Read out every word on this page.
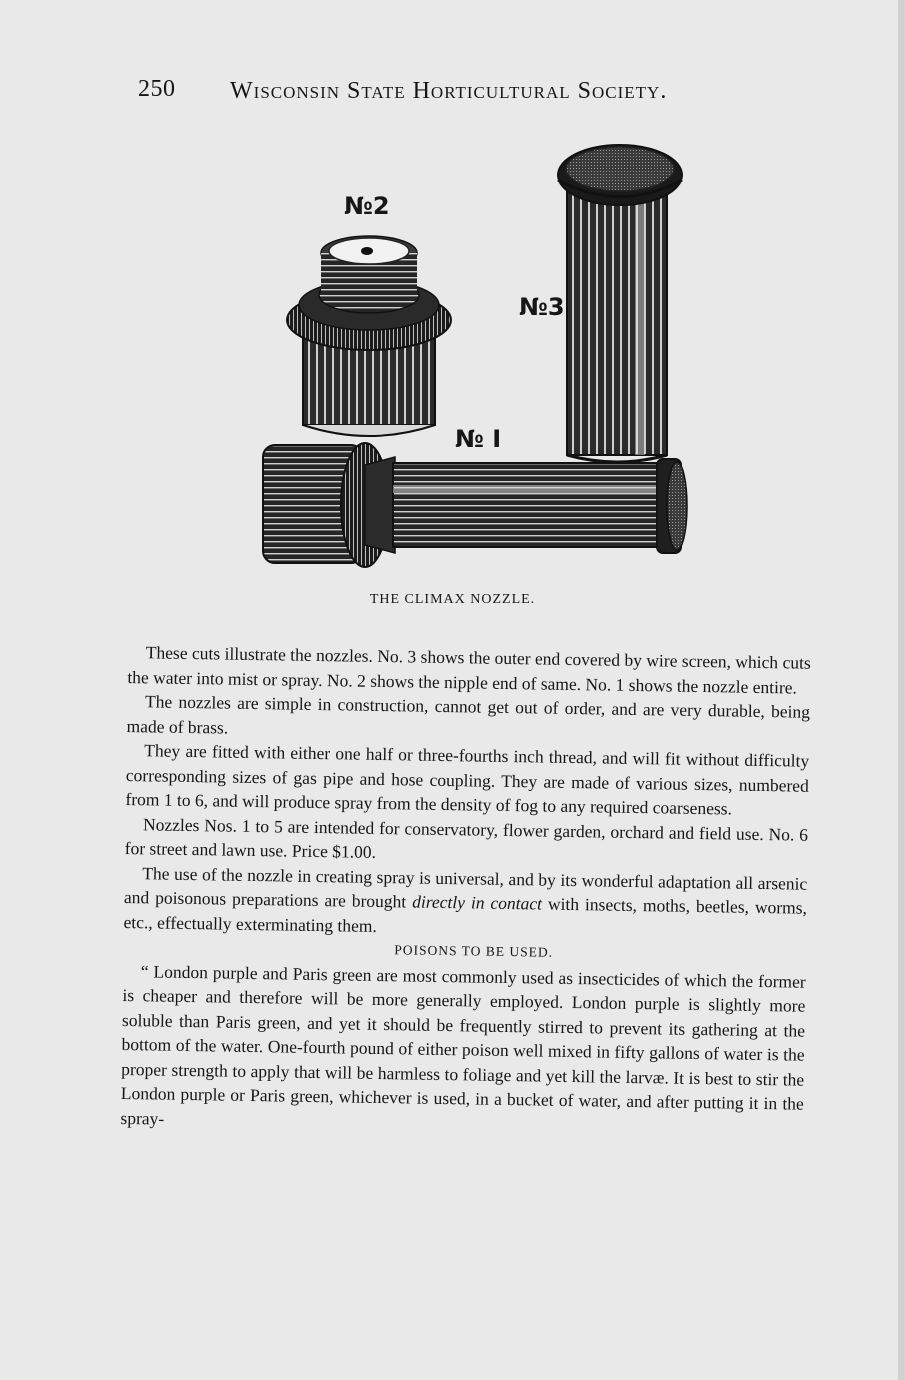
250 Wisconsin State Horticultural Society.
№2
№3
№ I
THE CLIMAX NOZZLE.

These cuts illustrate the nozzles. No. 3 shows the outer end covered by wire screen, which cuts the water into mist or spray. No. 2 shows the nipple end of same. No. 1 shows the nozzle entire.

The nozzles are simple in construction, cannot get out of order, and are very durable, being made of brass.

They are fitted with either one half or three-fourths inch thread, and will fit without difficulty corresponding sizes of gas pipe and hose coupling. They are made of various sizes, numbered from 1 to 6, and will produce spray from the density of fog to any required coarseness.

Nozzles Nos. 1 to 5 are intended for conservatory, flower garden, orchard and field use. No. 6 for street and lawn use. Price $1.00.

The use of the nozzle in creating spray is universal, and by its wonderful adaptation all arsenic and poisonous preparations are brought directly in contact with insects, moths, beetles, worms, etc., effectually exterminating them.

POISONS TO BE USED.

“ London purple and Paris green are most commonly used as insecticides of which the former is cheaper and therefore will be more generally employed. London purple is slightly more soluble than Paris green, and yet it should be frequently stirred to prevent its gathering at the bottom of the water. One-fourth pound of either poison well mixed in fifty gallons of water is the proper strength to apply that will be harmless to foliage and yet kill the larvæ. It is best to stir the London purple or Paris green, whichever is used, in a bucket of water, and after putting it in the spray-
